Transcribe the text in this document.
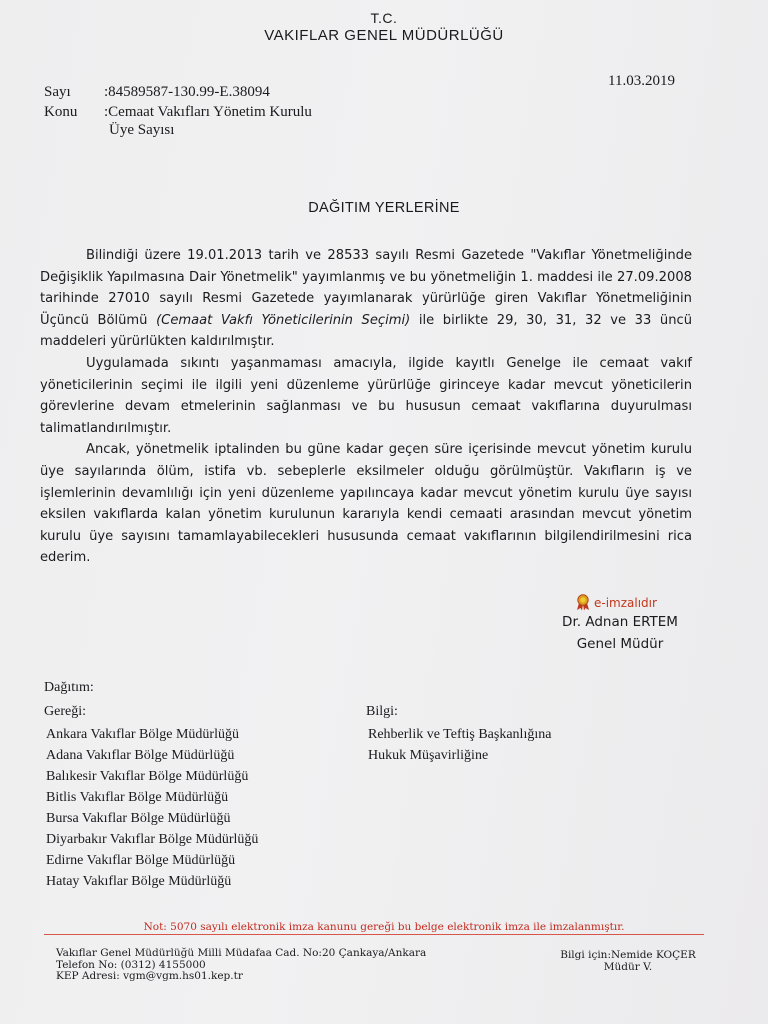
T.C.
VAKIFLAR GENEL MÜDÜRLÜĞÜ
11.03.2019
Sayı :84589587-130.99-E.38094
Konu :Cemaat Vakıfları Yönetim Kurulu
Üye Sayısı
DAĞITIM YERLERİNE

Bilindiği üzere 19.01.2013 tarih ve 28533 sayılı Resmi Gazetede "Vakıflar Yönetmeliğinde Değişiklik Yapılmasına Dair Yönetmelik" yayımlanmış ve bu yönetmeliğin 1. maddesi ile 27.09.2008 tarihinde 27010 sayılı Resmi Gazetede yayımlanarak yürürlüğe giren Vakıflar Yönetmeliğinin Üçüncü Bölümü (Cemaat Vakfı Yöneticilerinin Seçimi) ile birlikte 29, 30, 31, 32 ve 33 üncü maddeleri yürürlükten kaldırılmıştır.

Uygulamada sıkıntı yaşanmaması amacıyla, ilgide kayıtlı Genelge ile cemaat vakıf yöneticilerinin seçimi ile ilgili yeni düzenleme yürürlüğe girinceye kadar mevcut yöneticilerin görevlerine devam etmelerinin sağlanması ve bu hususun cemaat vakıflarına duyurulması talimatlandırılmıştır.

Ancak, yönetmelik iptalinden bu güne kadar geçen süre içerisinde mevcut yönetim kurulu üye sayılarında ölüm, istifa vb. sebeplerle eksilmeler olduğu görülmüştür. Vakıfların iş ve işlemlerinin devamlılığı için yeni düzenleme yapılıncaya kadar mevcut yönetim kurulu üye sayısı eksilen vakıflarda kalan yönetim kurulunun kararıyla kendi cemaati arasından mevcut yönetim kurulu üye sayısını tamamlayabilecekleri hususunda cemaat vakıflarının bilgilendirilmesini rica ederim.

e-imzalıdır
Dr. Adnan ERTEM
Genel Müdür
Dağıtım:
Gereği:	Bilgi:
Ankara Vakıflar Bölge Müdürlüğü
Adana Vakıflar Bölge Müdürlüğü
Balıkesir Vakıflar Bölge Müdürlüğü
Bitlis Vakıflar Bölge Müdürlüğü
Bursa Vakıflar Bölge Müdürlüğü
Diyarbakır Vakıflar Bölge Müdürlüğü
Edirne Vakıflar Bölge Müdürlüğü
Hatay Vakıflar Bölge Müdürlüğü
Rehberlik ve Teftiş Başkanlığına
Hukuk Müşavirliğine
Not: 5070 sayılı elektronik imza kanunu gereği bu belge elektronik imza ile imzalanmıştır.
Vakıflar Genel Müdürlüğü Milli Müdafaa Cad. No:20 Çankaya/Ankara
Telefon No: (0312) 4155000
KEP Adresi: vgm@vgm.hs01.kep.tr
Bilgi için:Nemide KOÇER
Müdür V.
